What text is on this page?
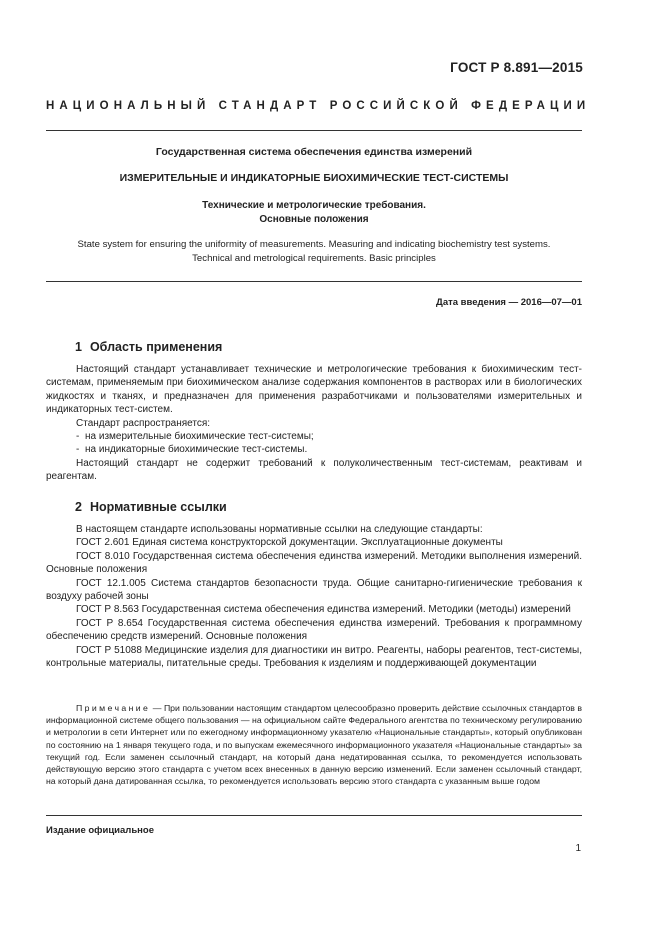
ГОСТ Р 8.891—2015
НАЦИОНАЛЬНЫЙ СТАНДАРТ РОССИЙСКОЙ ФЕДЕРАЦИИ
Государственная система обеспечения единства измерений
ИЗМЕРИТЕЛЬНЫЕ И ИНДИКАТОРНЫЕ БИОХИМИЧЕСКИЕ ТЕСТ-СИСТЕМЫ
Технические и метрологические требования.
Основные положения
State system for ensuring the uniformity of measurements. Measuring and indicating biochemistry test systems.
Technical and metrological requirements. Basic principles
Дата введения — 2016—07—01
1 Область применения

Настоящий стандарт устанавливает технические и метрологические требования к биохимическим тест-системам, применяемым при биохимическом анализе содержания компонентов в растворах или в биологических жидкостях и тканях, и предназначен для применения разработчиками и пользователями измерительных и индикаторных тест-систем.

Стандарт распространяется:

- на измерительные биохимические тест-системы;

- на индикаторные биохимические тест-системы.

Настоящий стандарт не содержит требований к полуколичественным тест-системам, реактивам и реагентам.

2 Нормативные ссылки

В настоящем стандарте использованы нормативные ссылки на следующие стандарты:

ГОСТ 2.601 Единая система конструкторской документации. Эксплуатационные документы

ГОСТ 8.010 Государственная система обеспечения единства измерений. Методики выполнения измерений. Основные положения

ГОСТ 12.1.005 Система стандартов безопасности труда. Общие санитарно-гигиенические требования к воздуху рабочей зоны

ГОСТ Р 8.563 Государственная система обеспечения единства измерений. Методики (методы) измерений

ГОСТ Р 8.654 Государственная система обеспечения единства измерений. Требования к программному обеспечению средств измерений. Основные положения

ГОСТ Р 51088 Медицинские изделия для диагностики ин витро. Реагенты, наборы реагентов, тест-системы, контрольные материалы, питательные среды. Требования к изделиям и поддерживающей документации

Примечание — При пользовании настоящим стандартом целесообразно проверить действие ссылочных стандартов в информационной системе общего пользования — на официальном сайте Федерального агентства по техническому регулированию и метрологии в сети Интернет или по ежегодному информационному указателю «Национальные стандарты», который опубликован по состоянию на 1 января текущего года, и по выпускам ежемесячного информационного указателя «Национальные стандарты» за текущий год. Если заменен ссылочный стандарт, на который дана недатированная ссылка, то рекомендуется использовать действующую версию этого стандарта с учетом всех внесенных в данную версию изменений. Если заменен ссылочный стандарт, на который дана датированная ссылка, то рекомендуется использовать версию этого стандарта с указанным выше годом

Издание официальное
1
